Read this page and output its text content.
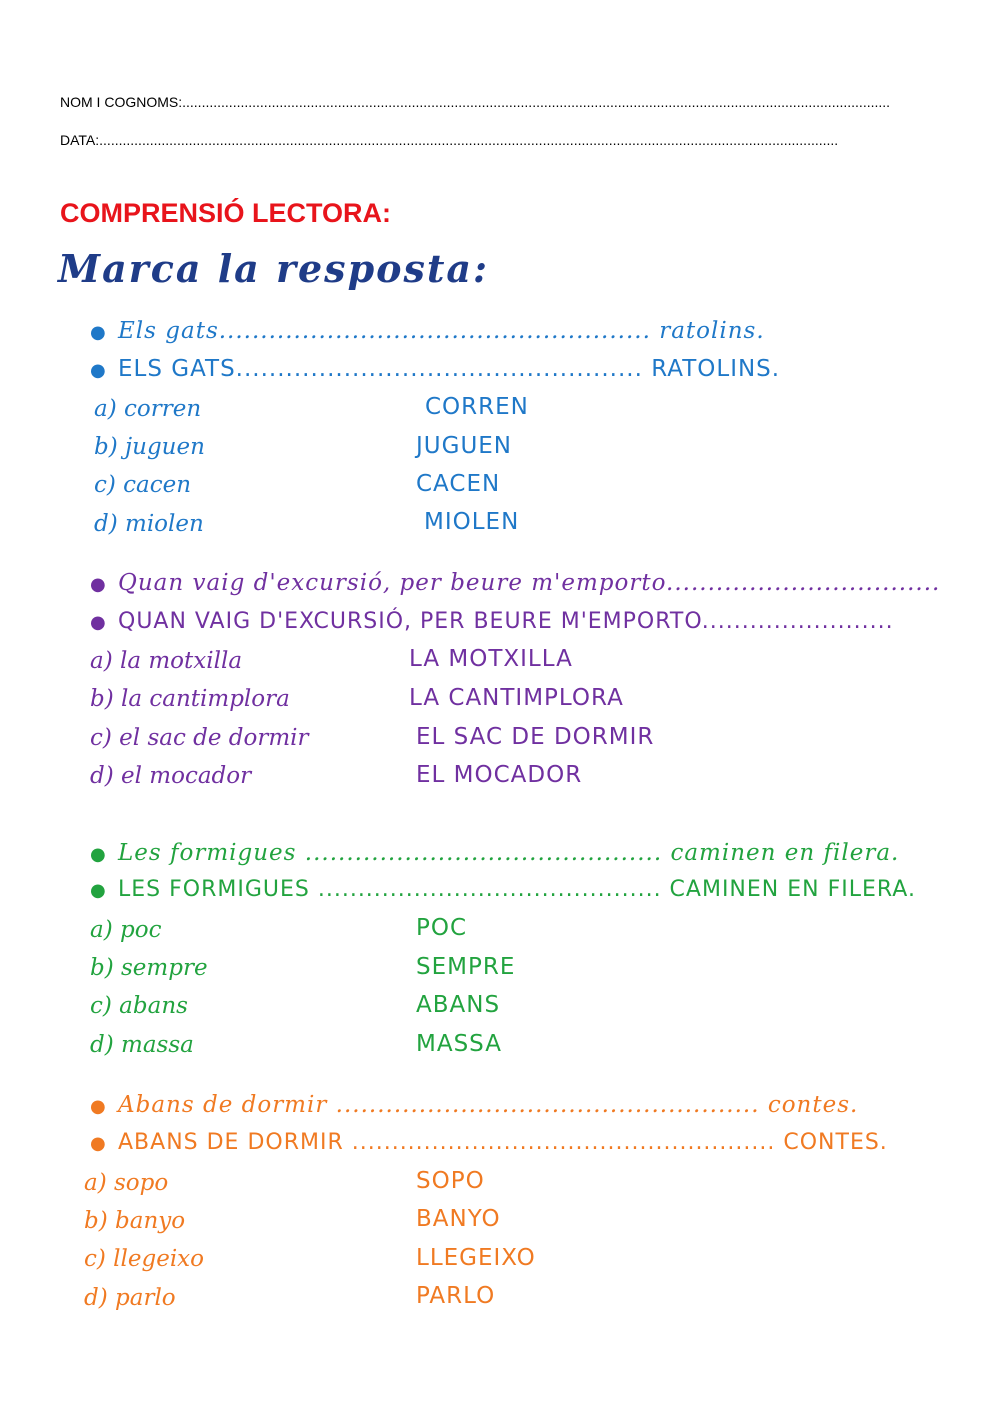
NOM I COGNOMS:......................................................................................................................................................................................
DATA:..............................................................................................................................................................................................
COMPRENSIÓ LECTORA:
Marca la resposta:
● Els gats.................................................... ratolins.
● ELS GATS................................................. RATOLINS.
a) corren
b) juguen
c) cacen
d) miolen
CORREN
JUGUEN
CACEN
MIOLEN
● Quan vaig d'excursió, per beure m'emporto.................................
● QUAN VAIG D'EXCURSIÓ, PER BEURE M'EMPORTO........................
a) la motxilla
b) la cantimplora
c) el sac de dormir
d) el mocador
LA MOTXILLA
LA CANTIMPLORA
EL SAC DE DORMIR
EL MOCADOR
● Les formigues ........................................... caminen en filera.
● LES FORMIGUES ........................................... CAMINEN EN FILERA.
a) poc
b) sempre
c) abans
d) massa
POC
SEMPRE
ABANS
MASSA
● Abans de dormir ................................................... contes.
● ABANS DE DORMIR ..................................................... CONTES.
a) sopo
b) banyo
c) llegeixo
d) parlo
SOPO
BANYO
LLEGEIXO
PARLO
